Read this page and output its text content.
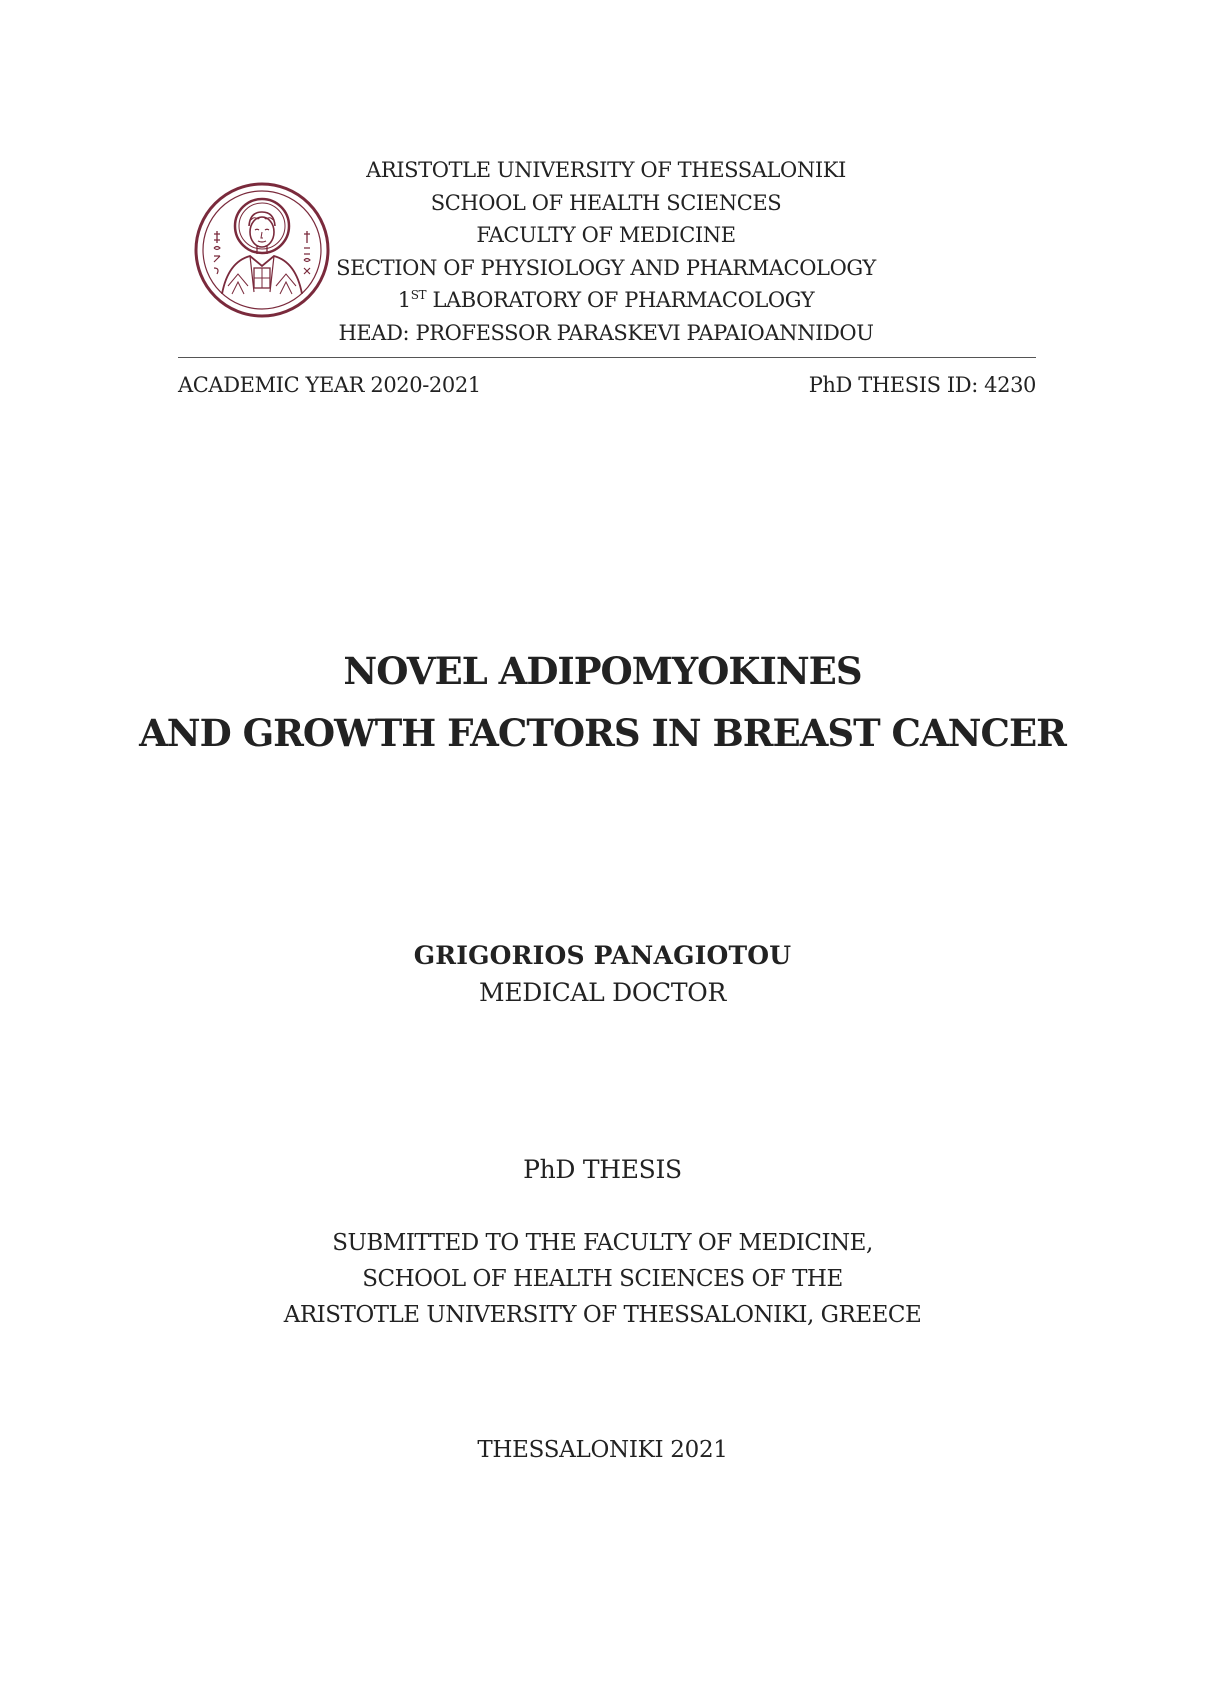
ARISTOTLE UNIVERSITY OF THESSALONIKI
SCHOOL OF HEALTH SCIENCES
FACULTY OF MEDICINE
SECTION OF PHYSIOLOGY AND PHARMACOLOGY
1ST LABORATORY OF PHARMACOLOGY
HEAD: PROFESSOR PARASKEVI PAPAIOANNIDOU
ACADEMIC YEAR 2020-2021	PhD THESIS ID: 4230
NOVEL ADIPOMYOKINES
AND GROWTH FACTORS IN BREAST CANCER
GRIGORIOS PANAGIOTOU
MEDICAL DOCTOR
PhD THESIS
SUBMITTED TO THE FACULTY OF MEDICINE,
SCHOOL OF HEALTH SCIENCES OF THE
ARISTOTLE UNIVERSITY OF THESSALONIKI, GREECE
THESSALONIKI 2021
